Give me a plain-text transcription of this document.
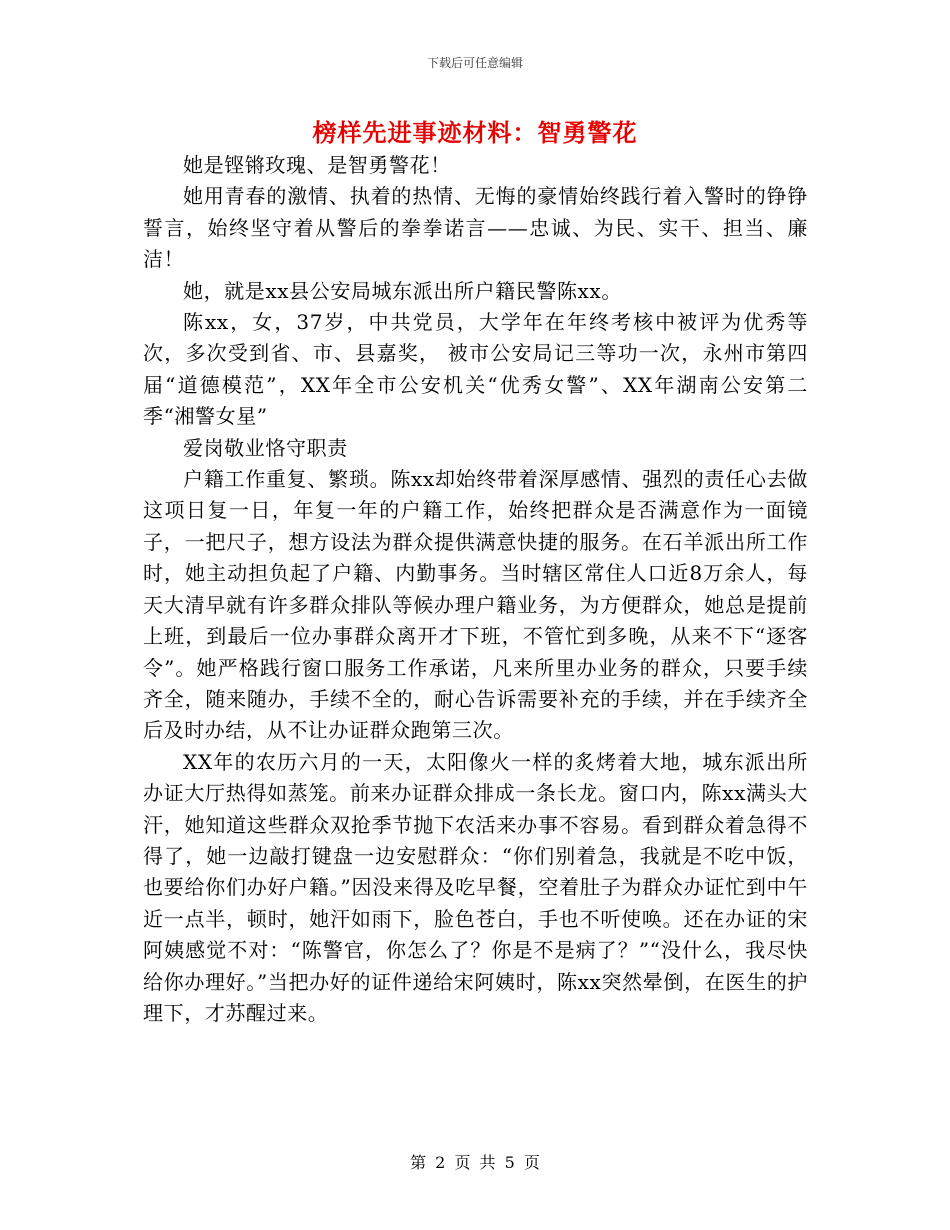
下载后可任意编辑
榜样先进事迹材料：智勇警花

她是铿锵玫瑰、是智勇警花！

她用青春的激情、执着的热情、无悔的豪情始终践行着入警时的铮铮誓言，始终坚守着从警后的拳拳诺言——忠诚、为民、实干、担当、廉洁！

她，就是xx县公安局城东派出所户籍民警陈xx。

陈xx，女，37岁，中共党员，大学年在年终考核中被评为优秀等次，多次受到省、市、县嘉奖， 被市公安局记三等功一次，永州市第四届“道德模范”，XX年全市公安机关“优秀女警”、XX年湖南公安第二季“湘警女星”

爱岗敬业恪守职责

户籍工作重复、繁琐。陈xx却始终带着深厚感情、强烈的责任心去做这项日复一日，年复一年的户籍工作，始终把群众是否满意作为一面镜子，一把尺子，想方设法为群众提供满意快捷的服务。在石羊派出所工作时，她主动担负起了户籍、内勤事务。当时辖区常住人口近8万余人，每天大清早就有许多群众排队等候办理户籍业务，为方便群众，她总是提前上班，到最后一位办事群众离开才下班，不管忙到多晚，从来不下“逐客令”。她严格践行窗口服务工作承诺，凡来所里办业务的群众，只要手续齐全，随来随办，手续不全的，耐心告诉需要补充的手续，并在手续齐全后及时办结，从不让办证群众跑第三次。

XX年的农历六月的一天，太阳像火一样的炙烤着大地，城东派出所办证大厅热得如蒸笼。前来办证群众排成一条长龙。窗口内，陈xx满头大汗，她知道这些群众双抢季节抛下农活来办事不容易。看到群众着急得不得了，她一边敲打键盘一边安慰群众：“你们别着急，我就是不吃中饭，也要给你们办好户籍。”因没来得及吃早餐，空着肚子为群众办证忙到中午近一点半，顿时，她汗如雨下，脸色苍白，手也不听使唤。还在办证的宋阿姨感觉不对：“陈警官，你怎么了？你是不是病了？”“没什么，我尽快给你办理好。”当把办好的证件递给宋阿姨时，陈xx突然晕倒，在医生的护理下，才苏醒过来。

第 2 页 共 5 页
